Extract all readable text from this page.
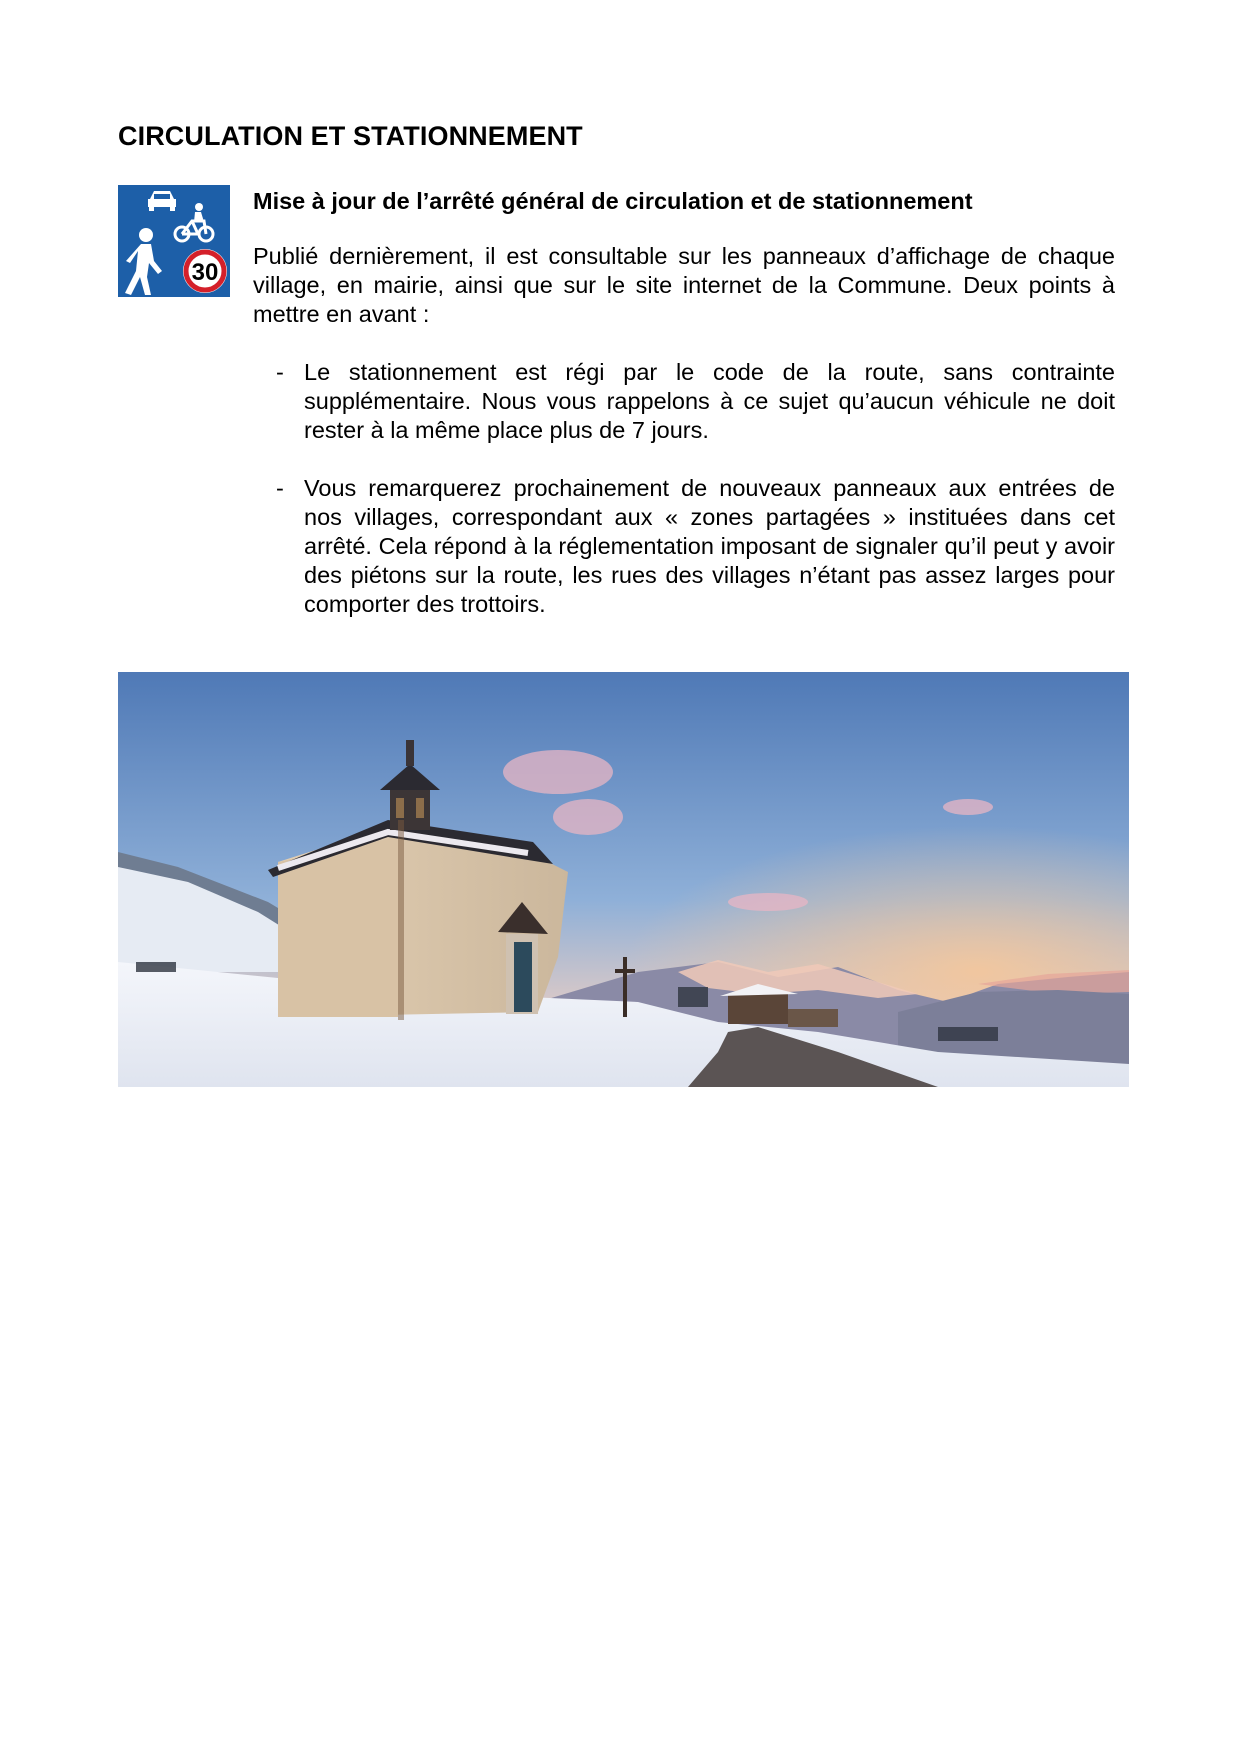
CIRCULATION ET STATIONNEMENT
30
Mise à jour de l’arrêté général de circulation et de stationnement

Publié dernièrement, il est consultable sur les panneaux d’affichage de chaque village, en mairie, ainsi que sur le site internet de la Commune. Deux points à mettre en avant :

- Le stationnement est régi par le code de la route, sans contrainte supplémentaire. Nous vous rappelons à ce sujet qu’aucun véhicule ne doit rester à la même place plus de 7 jours.
- Vous remarquerez prochainement de nouveaux panneaux aux entrées de nos villages, correspondant aux « zones partagées » instituées dans cet arrêté. Cela répond à la réglementation imposant de signaler qu’il peut y avoir des piétons sur la route, les rues des villages n’étant pas assez larges pour comporter des trottoirs.
